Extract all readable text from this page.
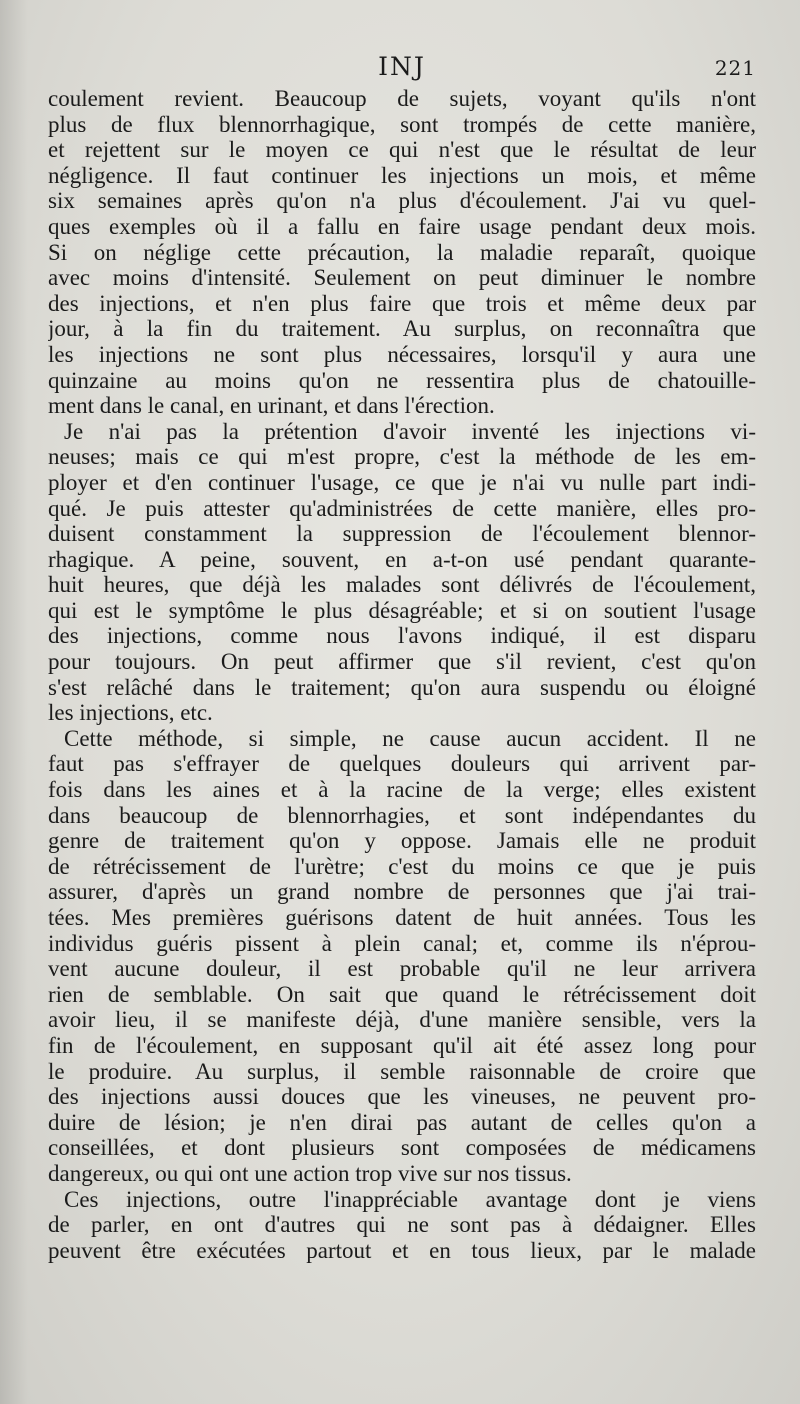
INJ	221
coulement revient. Beaucoup de sujets, voyant qu'ils n'ont
plus de flux blennorrhagique, sont trompés de cette manière,
et rejettent sur le moyen ce qui n'est que le résultat de leur
négligence. Il faut continuer les injections un mois, et même
six semaines après qu'on n'a plus d'écoulement. J'ai vu quel-
ques exemples où il a fallu en faire usage pendant deux mois.
Si on néglige cette précaution, la maladie reparaît, quoique
avec moins d'intensité. Seulement on peut diminuer le nombre
des injections, et n'en plus faire que trois et même deux par
jour, à la fin du traitement. Au surplus, on reconnaîtra que
les injections ne sont plus nécessaires, lorsqu'il y aura une
quinzaine au moins qu'on ne ressentira plus de chatouille-
ment dans le canal, en urinant, et dans l'érection.
Je n'ai pas la prétention d'avoir inventé les injections vi-
neuses; mais ce qui m'est propre, c'est la méthode de les em-
ployer et d'en continuer l'usage, ce que je n'ai vu nulle part indi-
qué. Je puis attester qu'administrées de cette manière, elles pro-
duisent constamment la suppression de l'écoulement blennor-
rhagique. A peine, souvent, en a-t-on usé pendant quarante-
huit heures, que déjà les malades sont délivrés de l'écoulement,
qui est le symptôme le plus désagréable; et si on soutient l'usage
des injections, comme nous l'avons indiqué, il est disparu
pour toujours. On peut affirmer que s'il revient, c'est qu'on
s'est relâché dans le traitement; qu'on aura suspendu ou éloigné
les injections, etc.
Cette méthode, si simple, ne cause aucun accident. Il ne
faut pas s'effrayer de quelques douleurs qui arrivent par-
fois dans les aines et à la racine de la verge; elles existent
dans beaucoup de blennorrhagies, et sont indépendantes du
genre de traitement qu'on y oppose. Jamais elle ne produit
de rétrécissement de l'urètre; c'est du moins ce que je puis
assurer, d'après un grand nombre de personnes que j'ai trai-
tées. Mes premières guérisons datent de huit années. Tous les
individus guéris pissent à plein canal; et, comme ils n'éprou-
vent aucune douleur, il est probable qu'il ne leur arrivera
rien de semblable. On sait que quand le rétrécissement doit
avoir lieu, il se manifeste déjà, d'une manière sensible, vers la
fin de l'écoulement, en supposant qu'il ait été assez long pour
le produire. Au surplus, il semble raisonnable de croire que
des injections aussi douces que les vineuses, ne peuvent pro-
duire de lésion; je n'en dirai pas autant de celles qu'on a
conseillées, et dont plusieurs sont composées de médicamens
dangereux, ou qui ont une action trop vive sur nos tissus.
Ces injections, outre l'inappréciable avantage dont je viens
de parler, en ont d'autres qui ne sont pas à dédaigner. Elles
peuvent être exécutées partout et en tous lieux, par le malade
